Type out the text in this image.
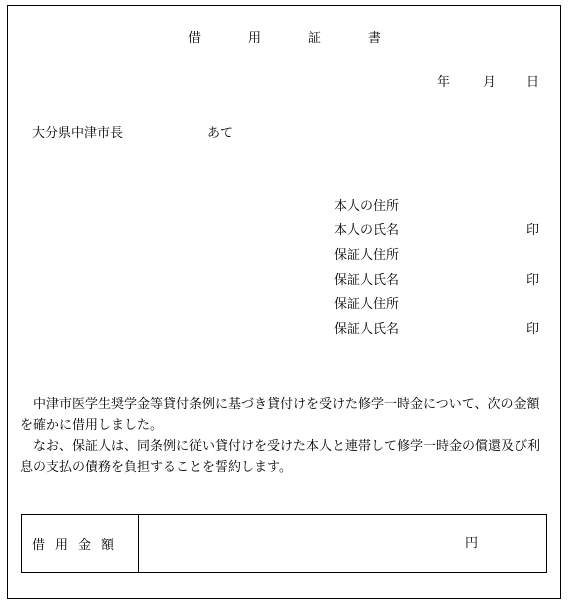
借	用	証	書
年	月 日
大分県中津市長	あて
本人の住所
本人の氏名	印
保証人住所
保証人氏名	印
保証人住所
保証人氏名	印

　中津市医学生奨学金等貸付条例に基づき貸付けを受けた修学一時金について、次の金額を確かに借用しました。

　なお、保証人は、同条例に従い貸付けを受けた本人と連帯して修学一時金の償還及び利息の支払の債務を負担することを誓約します。

借 用 金 額	円
